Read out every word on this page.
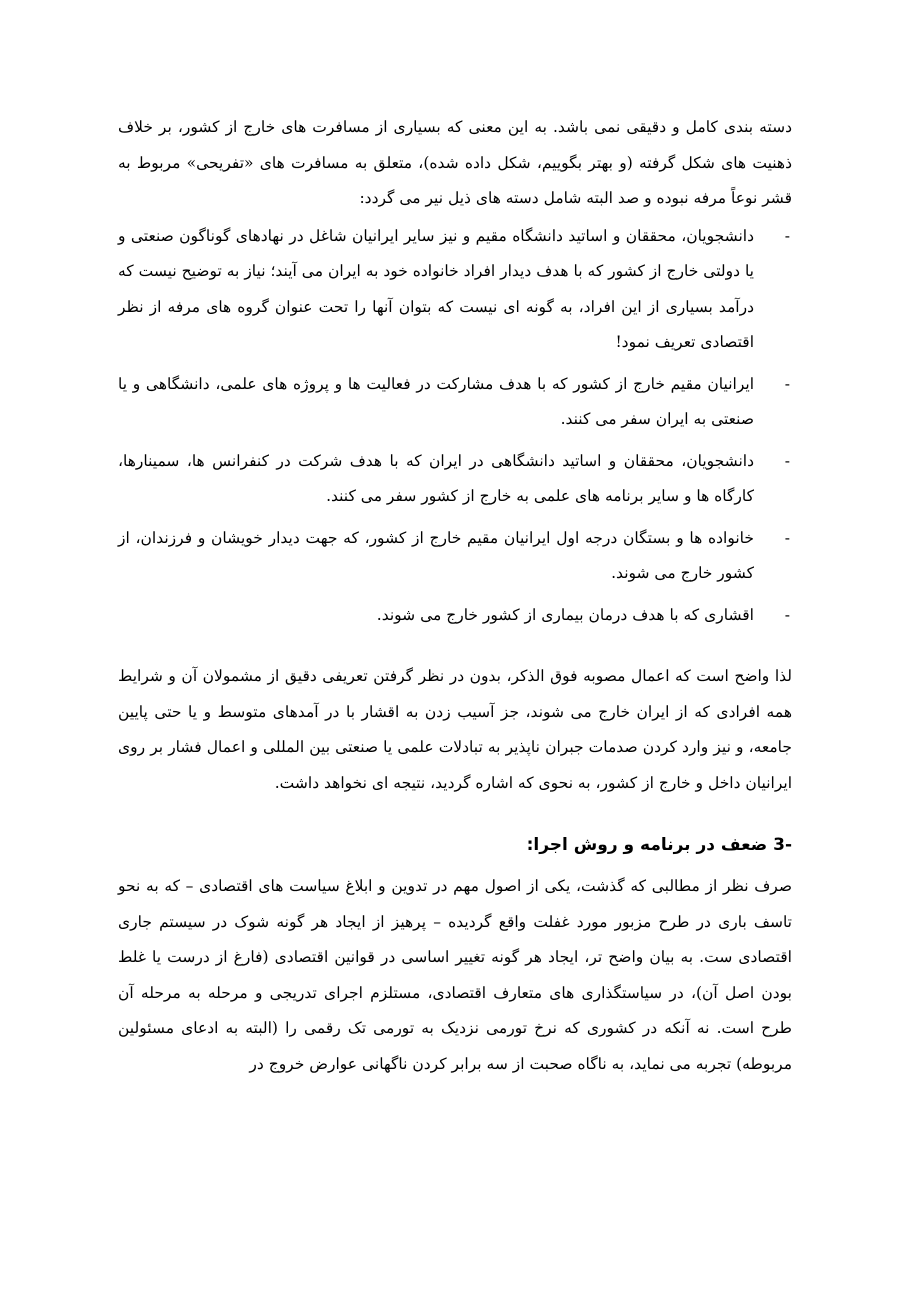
دسته بندی کامل و دقیقی نمی باشد. به این معنی که بسیاری از مسافرت های خارج از کشور، بر خلاف ذهنیت های شکل گرفته (و بهتر بگوییم، شکل داده شده)، متعلق به مسافرت های «تفریحی» مربوط به قشر نوعاً مرفه نبوده و صد البته شامل دسته های ذیل نیر می گردد:

-
دانشجویان، محققان و اساتید دانشگاه مقیم و نیز سایر ایرانیان شاغل در نهادهای گوناگون صنعتی و یا دولتی خارج از کشور که با هدف دیدار افراد خانواده خود به ایران می آیند؛ نیاز به توضیح نیست که درآمد بسیاری از این افراد، به گونه ای نیست که بتوان آنها را تحت عنوان گروه های مرفه از نظر اقتصادی تعریف نمود!
-
ایرانیان مقیم خارج از کشور که با هدف مشارکت در فعالیت ها و پروژه های علمی، دانشگاهی و یا صنعتی به ایران سفر می کنند.
-
دانشجویان، محققان و اساتید دانشگاهی در ایران که با هدف شرکت در کنفرانس ها، سمینارها، کارگاه ها و سایر برنامه های علمی به خارج از کشور سفر می کنند.
-
خانواده ها و بستگان درجه اول ایرانیان مقیم خارج از کشور، که جهت دیدار خویشان و فرزندان، از کشور خارج می شوند.
-
اقشاری که با هدف درمان بیماری از کشور خارج می شوند.

لذا واضح است که اعمال مصوبه فوق الذکر، بدون در نظر گرفتن تعریفی دقیق از مشمولان آن و شرایط همه افرادی که از ایران خارج می شوند، جز آسیب زدن به اقشار با در آمدهای متوسط و یا حتی پایین جامعه، و نیز وارد کردن صدمات جبران ناپذیر به تبادلات علمی یا صنعتی بین المللی و اعمال فشار بر روی ایرانیان داخل و خارج از کشور، به نحوی که اشاره گردید، نتیجه ای نخواهد داشت.

3- ضعف در برنامه و روش اجرا:

صرف نظر از مطالبی که گذشت، یکی از اصول مهم در تدوین و ابلاغ سیاست های اقتصادی – که به نحو تاسف باری در طرح مزبور مورد غفلت واقع گردیده – پرهیز از ایجاد هر گونه شوک در سیستم جاری اقتصادی ست. به بیان واضح تر، ایجاد هر گونه تغییر اساسی در قوانین اقتصادی (فارغ از درست یا غلط بودن اصل آن)، در سیاستگذاری های متعارف اقتصادی، مستلزم اجرای تدریجی و مرحله به مرحله آن طرح است. نه آنکه در کشوری که نرخ تورمی نزدیک به تورمی تک رقمی را (البته به ادعای مسئولین مربوطه) تجربه می نماید، به ناگاه صحبت از سه برابر کردن ناگهانی عوارض خروج در
